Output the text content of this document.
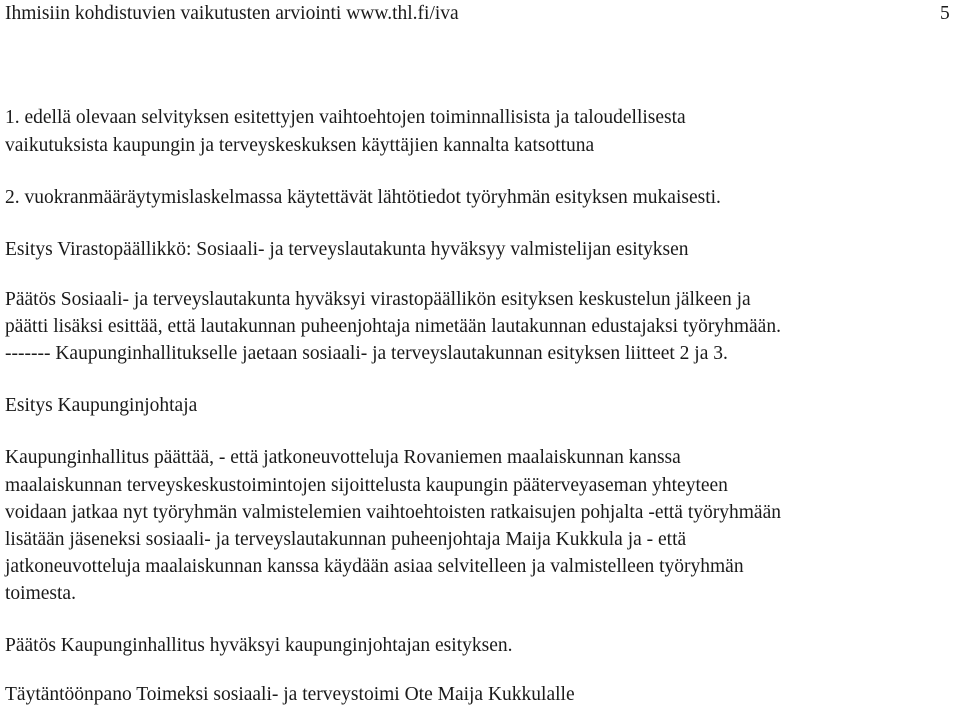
Ihmisiin kohdistuvien vaikutusten arviointi www.thl.fi/iva	5
1. edellä olevaan selvityksen esitettyjen vaihtoehtojen toiminnallisista ja taloudellisesta
vaikutuksista kaupungin ja terveyskeskuksen käyttäjien kannalta katsottuna
2. vuokranmääräytymislaskelmassa käytettävät lähtötiedot työryhmän esityksen mukaisesti.
Esitys Virastopäällikkö: Sosiaali- ja terveyslautakunta hyväksyy valmistelijan esityksen
Päätös Sosiaali- ja terveyslautakunta hyväksyi virastopäällikön esityksen keskustelun jälkeen ja
päätti lisäksi esittää, että lautakunnan puheenjohtaja nimetään lautakunnan edustajaksi työryhmään.
------- Kaupunginhallitukselle jaetaan sosiaali- ja terveyslautakunnan esityksen liitteet 2 ja 3.
Esitys Kaupunginjohtaja
Kaupunginhallitus päättää, - että jatkoneuvotteluja Rovaniemen maalaiskunnan kanssa
maalaiskunnan terveyskeskustoimintojen sijoittelusta kaupungin pääterveyaseman yhteyteen
voidaan jatkaa nyt työryhmän valmistelemien vaihtoehtoisten ratkaisujen pohjalta -että työryhmään
lisätään jäseneksi sosiaali- ja terveyslautakunnan puheenjohtaja Maija Kukkula ja - että
jatkoneuvotteluja maalaiskunnan kanssa käydään asiaa selvitelleen ja valmistelleen työryhmän
toimesta.
Päätös Kaupunginhallitus hyväksyi kaupunginjohtajan esityksen.
Täytäntöönpano Toimeksi sosiaali- ja terveystoimi Ote Maija Kukkulalle
